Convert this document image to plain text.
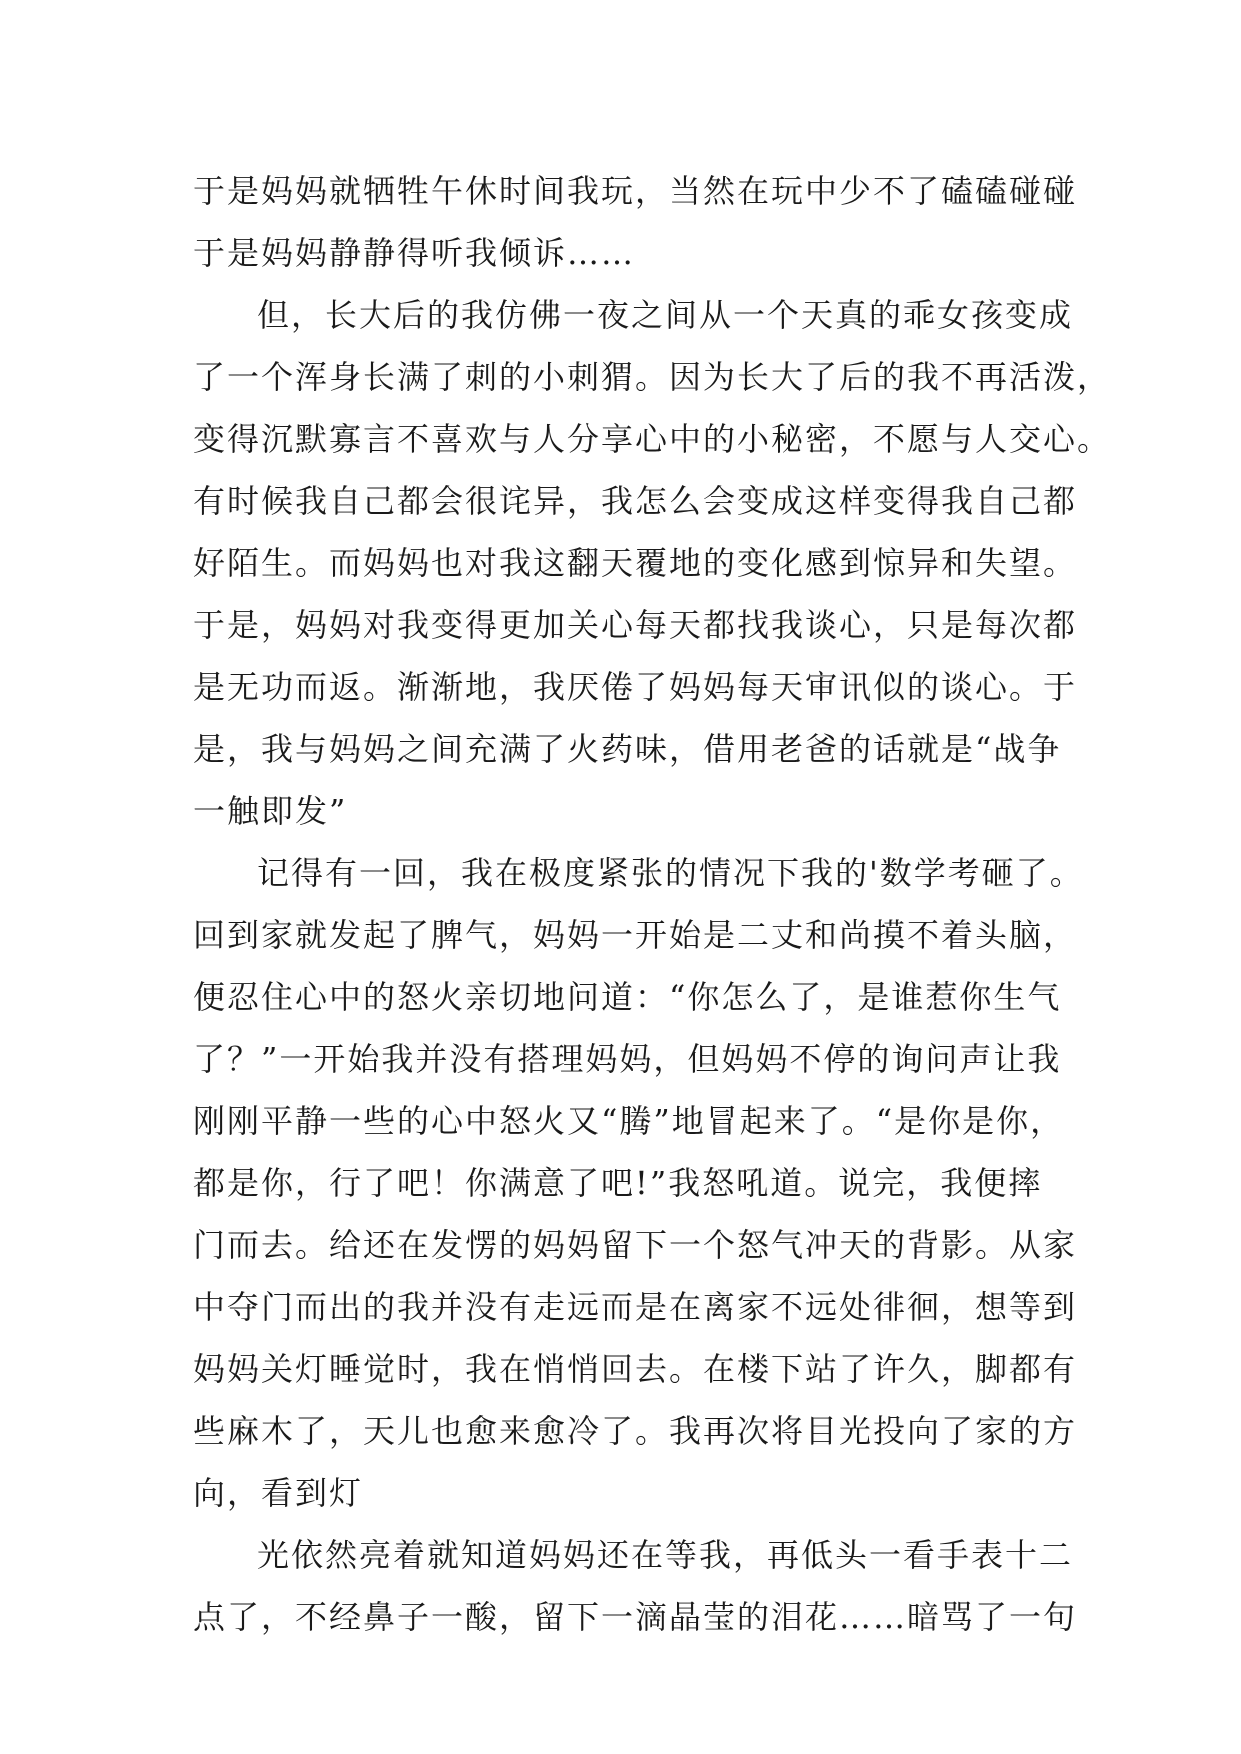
于是妈妈就牺牲午休时间我玩，当然在玩中少不了磕磕碰碰
于是妈妈静静得听我倾诉……
但，长大后的我仿佛一夜之间从一个天真的乖女孩变成
了一个浑身长满了刺的小刺猬。因为长大了后的我不再活泼，
变得沉默寡言不喜欢与人分享心中的小秘密，不愿与人交心。
有时候我自己都会很诧异，我怎么会变成这样变得我自己都
好陌生。而妈妈也对我这翻天覆地的变化感到惊异和失望。
于是，妈妈对我变得更加关心每天都找我谈心，只是每次都
是无功而返。渐渐地，我厌倦了妈妈每天审讯似的谈心。于
是，我与妈妈之间充满了火药味，借用老爸的话就是“战争
一触即发”
记得有一回，我在极度紧张的情况下我的'数学考砸了。
回到家就发起了脾气，妈妈一开始是二丈和尚摸不着头脑，
便忍住心中的怒火亲切地问道：“你怎么了，是谁惹你生气
了？”一开始我并没有搭理妈妈，但妈妈不停的询问声让我
刚刚平静一些的心中怒火又“腾”地冒起来了。“是你是你，
都是你，行了吧！你满意了吧!”我怒吼道。说完，我便摔
门而去。给还在发愣的妈妈留下一个怒气冲天的背影。从家
中夺门而出的我并没有走远而是在离家不远处徘徊，想等到
妈妈关灯睡觉时，我在悄悄回去。在楼下站了许久，脚都有
些麻木了，天儿也愈来愈冷了。我再次将目光投向了家的方
向，看到灯
光依然亮着就知道妈妈还在等我，再低头一看手表十二
点了，不经鼻子一酸，留下一滴晶莹的泪花……暗骂了一句
